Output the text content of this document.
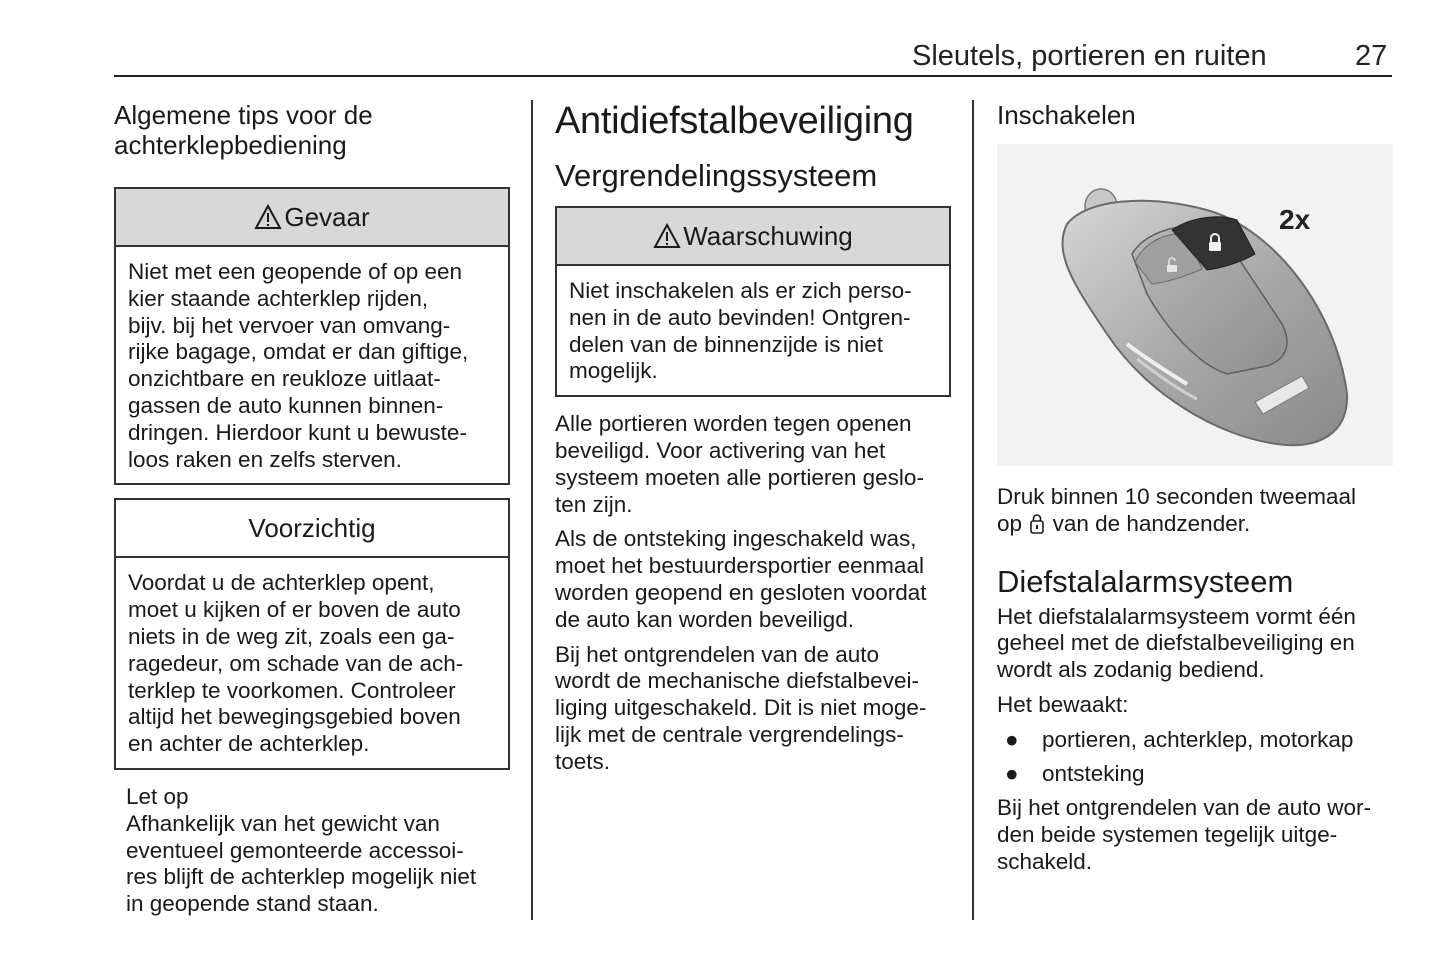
Sleutels, portieren en ruiten	27
Algemene tips voor de
achterklepbediening
Gevaar
Niet met een geopende of op een
kier staande achterklep rijden,
bijv. bij het vervoer van omvang-
rijke bagage, omdat er dan giftige,
onzichtbare en reukloze uitlaat-
gassen de auto kunnen binnen-
dringen. Hierdoor kunt u bewuste-
loos raken en zelfs sterven.
Voorzichtig
Voordat u de achterklep opent,
moet u kijken of er boven de auto
niets in de weg zit, zoals een ga-
ragedeur, om schade van de ach-
terklep te voorkomen. Controleer
altijd het bewegingsgebied boven
en achter de achterklep.

Let op

Afhankelijk van het gewicht van
eventueel gemonteerde accessoi-
res blijft de achterklep mogelijk niet
in geopende stand staan.
Antidiefstalbeveiliging
Vergrendelingssysteem
Waarschuwing
Niet inschakelen als er zich perso-
nen in de auto bevinden! Ontgren-
delen van de binnenzijde is niet
mogelijk.
Alle portieren worden tegen openen
beveiligd. Voor activering van het
systeem moeten alle portieren geslo-
ten zijn.
Als de ontsteking ingeschakeld was,
moet het bestuurdersportier eenmaal
worden geopend en gesloten voordat
de auto kan worden beveiligd.
Bij het ontgrendelen van de auto
wordt de mechanische diefstalbevei-
liging uitgeschakeld. Dit is niet moge-
lijk met de centrale vergrendelings-
toets.
Inschakelen
2x
Druk binnen 10 seconden tweemaal
op van de handzender.
Diefstalalarmsysteem
Het diefstalalarmsysteem vormt één
geheel met de diefstalbeveiliging en
wordt als zodanig bediend.

Het bewaakt:

●	portieren, achterklep, motorkap
●	ontsteking
Bij het ontgrendelen van de auto wor-
den beide systemen tegelijk uitge-
schakeld.
